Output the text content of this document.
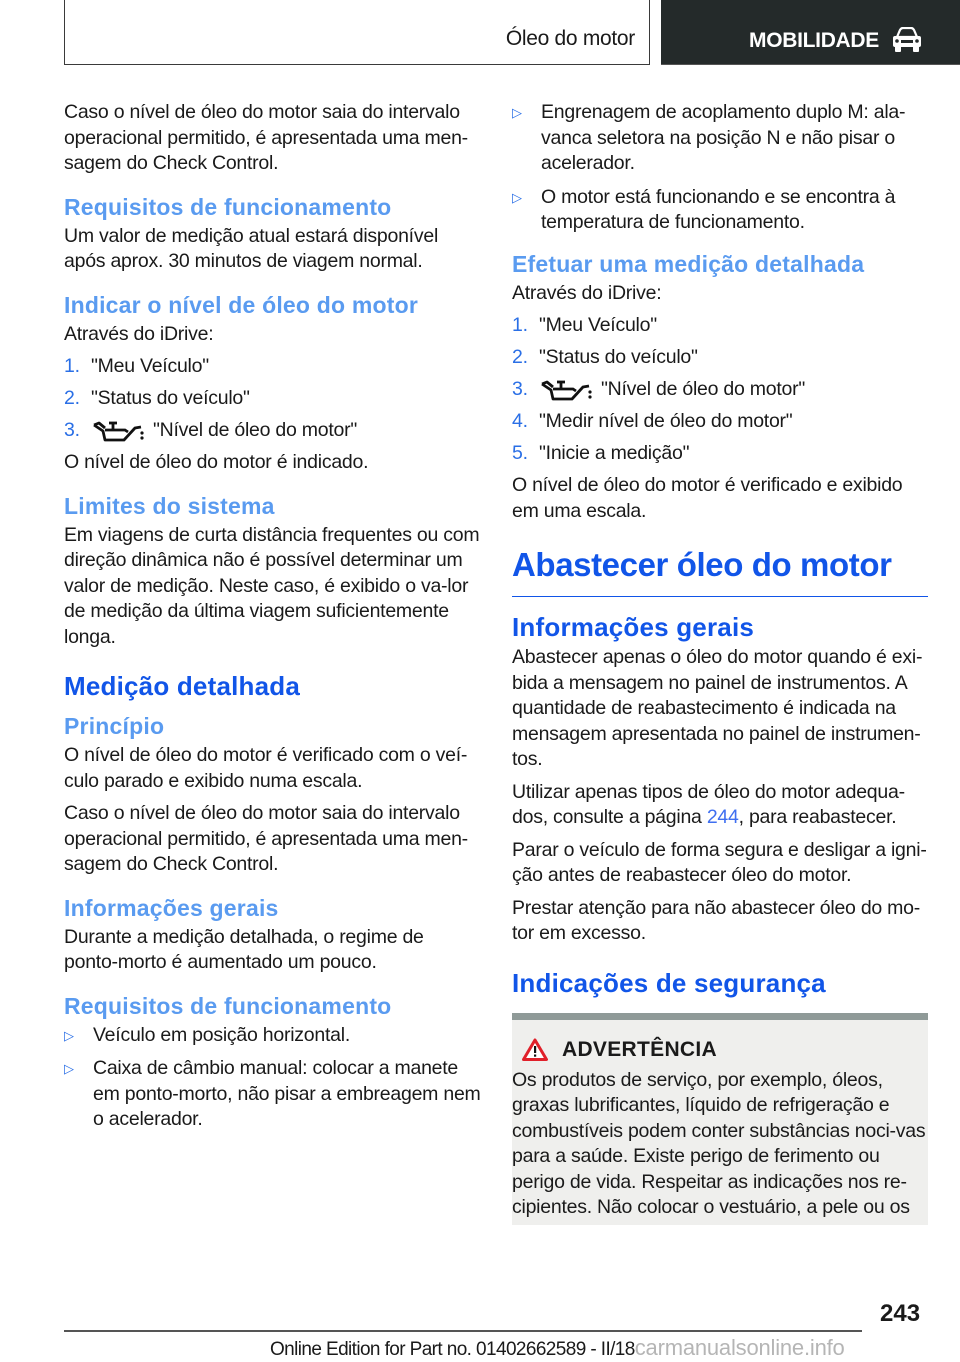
Óleo do motor	MOBILIDADE

Caso o nível de óleo do motor saia do intervalo operacional permitido, é apresentada uma men-sagem do Check Control.

Requisitos de funcionamento

Um valor de medição atual estará disponível após aprox. 30 minutos de viagem normal.

Indicar o nível de óleo do motor

Através do iDrive:

1. "Meu Veículo"
2. "Status do veículo"
3.	"Nível de óleo do motor"

O nível de óleo do motor é indicado.

Limites do sistema

Em viagens de curta distância frequentes ou com direção dinâmica não é possível determinar um valor de medição. Neste caso, é exibido o va-lor de medição da última viagem suficientemente longa.

Medição detalhada
Princípio

O nível de óleo do motor é verificado com o veí-culo parado e exibido numa escala.

Caso o nível de óleo do motor saia do intervalo operacional permitido, é apresentada uma men-sagem do Check Control.

Informações gerais

Durante a medição detalhada, o regime de ponto-morto é aumentado um pouco.

Requisitos de funcionamento
▷ Veículo em posição horizontal.
▷ Caixa de câmbio manual: colocar a manete em ponto-morto, não pisar a embreagem nem o acelerador.
▷ Engrenagem de acoplamento duplo M: ala-vanca seletora na posição N e não pisar o acelerador.
▷ O motor está funcionando e se encontra à temperatura de funcionamento.
Efetuar uma medição detalhada

Através do iDrive:

1. "Meu Veículo"
2. "Status do veículo"
3.	"Nível de óleo do motor"
4. "Medir nível de óleo do motor"
5. "Inicie a medição"

O nível de óleo do motor é verificado e exibido em uma escala.

Abastecer óleo do motor
Informações gerais

Abastecer apenas o óleo do motor quando é exi-bida a mensagem no painel de instrumentos. A quantidade de reabastecimento é indicada na mensagem apresentada no painel de instrumen-tos.

Utilizar apenas tipos de óleo do motor adequa-dos, consulte a página 244, para reabastecer.

Parar o veículo de forma segura e desligar a igni-ção antes de reabastecer óleo do motor.

Prestar atenção para não abastecer óleo do mo-tor em excesso.

Indicações de segurança
ADVERTÊNCIA

Os produtos de serviço, por exemplo, óleos, graxas lubrificantes, líquido de refrigeração e combustíveis podem conter substâncias noci-vas para a saúde. Existe perigo de ferimento ou perigo de vida. Respeitar as indicações nos re-cipientes. Não colocar o vestuário, a pele ou os

243
Online Edition for Part no. 01402662589 - II/18carmanualsonline.info
